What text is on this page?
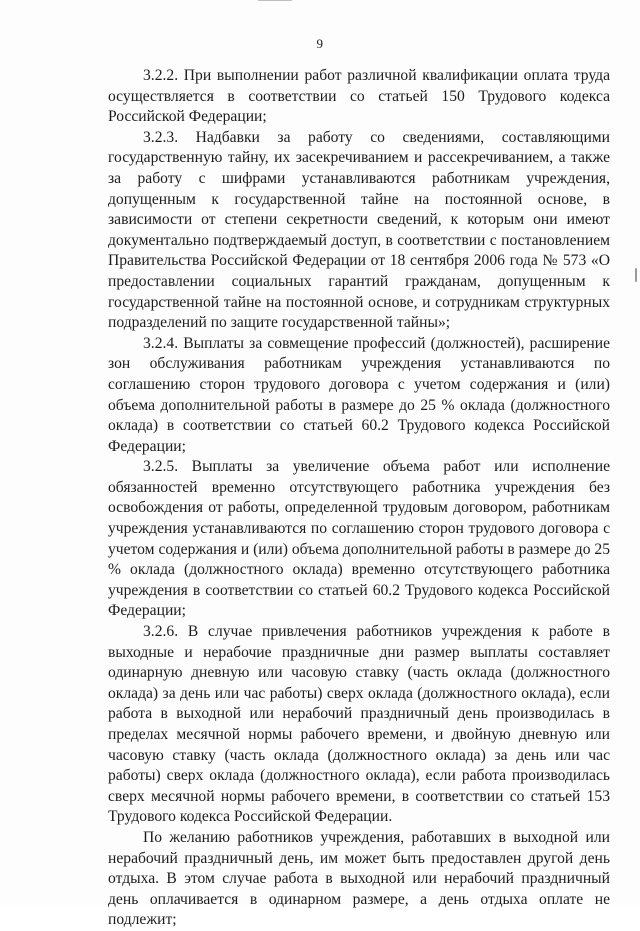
9

3.2.2. При выполнении работ различной квалификации оплата труда осуществляется в соответствии со статьей 150 Трудового кодекса Российской Федерации;

3.2.3. Надбавки за работу со сведениями, составляющими государственную тайну, их засекречиванием и рассекречиванием, а также за работу с шифрами устанавливаются работникам учреждения, допущенным к государственной тайне на постоянной основе, в зависимости от степени секретности сведений, к которым они имеют документально подтверждаемый доступ, в соответствии с постановлением Правительства Российской Федерации от 18 сентября 2006 года № 573 «О предоставлении социальных гарантий гражданам, допущенным к государственной тайне на постоянной основе, и сотрудникам структурных подразделений по защите государственной тайны»;

3.2.4. Выплаты за совмещение профессий (должностей), расширение зон обслуживания работникам учреждения устанавливаются по соглашению сторон трудового договора с учетом содержания и (или) объема дополнительной работы в размере до 25 % оклада (должностного оклада) в соответствии со статьей 60.2 Трудового кодекса Российской Федерации;

3.2.5. Выплаты за увеличение объема работ или исполнение обязанностей временно отсутствующего работника учреждения без освобождения от работы, определенной трудовым договором, работникам учреждения устанавливаются по соглашению сторон трудового договора с учетом содержания и (или) объема дополнительной работы в размере до 25 % оклада (должностного оклада) временно отсутствующего работника учреждения в соответствии со статьей 60.2 Трудового кодекса Российской Федерации;

3.2.6. В случае привлечения работников учреждения к работе в выходные и нерабочие праздничные дни размер выплаты составляет одинарную дневную или часовую ставку (часть оклада (должностного оклада) за день или час работы) сверх оклада (должностного оклада), если работа в выходной или нерабочий праздничный день производилась в пределах месячной нормы рабочего времени, и двойную дневную или часовую ставку (часть оклада (должностного оклада) за день или час работы) сверх оклада (должностного оклада), если работа производилась сверх месячной нормы рабочего времени, в соответствии со статьей 153 Трудового кодекса Российской Федерации.

По желанию работников учреждения, работавших в выходной или нерабочий праздничный день, им может быть предоставлен другой день отдыха. В этом случае работа в выходной или нерабочий праздничный день оплачивается в одинарном размере, а день отдыха оплате не подлежит;
